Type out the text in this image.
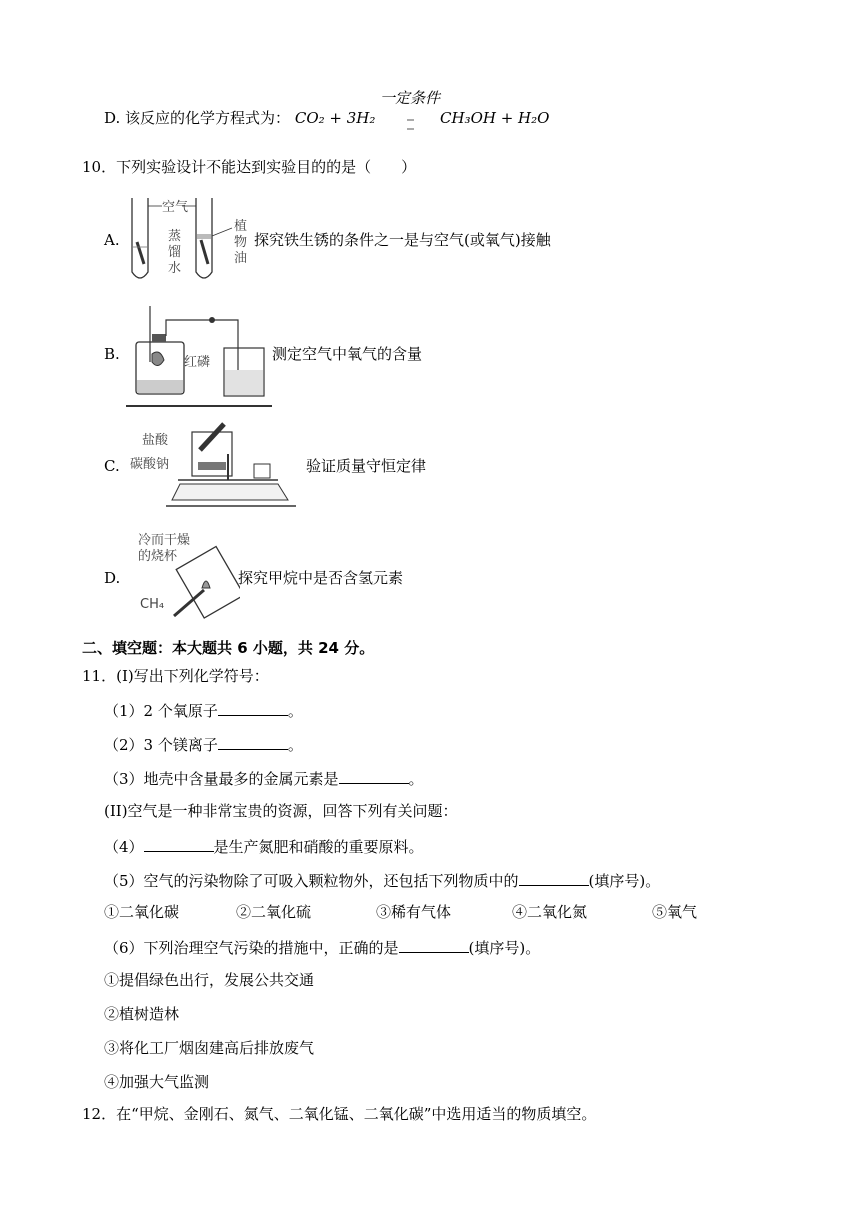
一定条件
D. 该反应的化学方程式为： CO₂ + 3H₂	CH₃OH + H₂O
10．下列实验设计不能达到实验目的的是（　　）
A.
空气
蒸
馏
水
植
物
油
探究铁生锈的条件之一是与空气(或氧气)接触
B.	红磷	测定空气中氧气的含量
C.
盐酸
碳酸钠	验证质量守恒定律
D.
冷而干燥
的烧杯
CH₄
探究甲烷中是否含氢元素
二、填空题：本大题共 6 小题，共 24 分。
11．(I)写出下列化学符号：
（1）2 个氧原子	。
（2）3 个镁离子	。
（3）地壳中含量最多的金属元素是	。
(II)空气是一种非常宝贵的资源，回答下列有关问题：
（4）	是生产氮肥和硝酸的重要原料。
（5）空气的污染物除了可吸入颗粒物外，还包括下列物质中的	(填序号)。
①二氧化碳	②二氧化硫	③稀有气体	④二氧化氮	⑤氧气
（6）下列治理空气污染的措施中，正确的是	(填序号)。
①提倡绿色出行，发展公共交通
②植树造林
③将化工厂烟囱建高后排放废气
④加强大气监测
12．在“甲烷、金刚石、氮气、二氧化锰、二氧化碳”中选用适当的物质填空。
